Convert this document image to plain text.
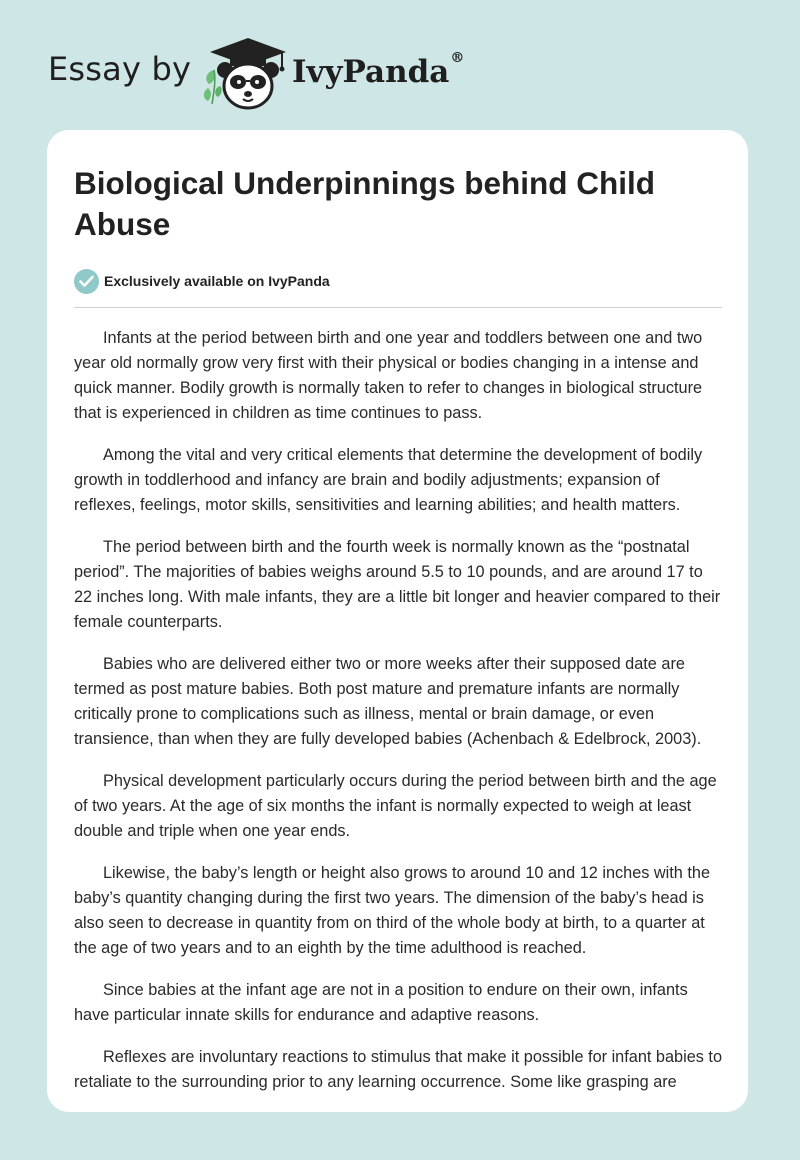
Essay by	IvyPanda®
Biological Underpinnings behind Child Abuse
Exclusively available on IvyPanda

Infants at the period between birth and one year and toddlers between one and two year old normally grow very first with their physical or bodies changing in a intense and quick manner. Bodily growth is normally taken to refer to changes in biological structure that is experienced in children as time continues to pass.

Among the vital and very critical elements that determine the development of bodily growth in toddlerhood and infancy are brain and bodily adjustments; expansion of reflexes, feelings, motor skills, sensitivities and learning abilities; and health matters.

The period between birth and the fourth week is normally known as the “postnatal period”. The majorities of babies weighs around 5.5 to 10 pounds, and are around 17 to 22 inches long. With male infants, they are a little bit longer and heavier compared to their female counterparts.

Babies who are delivered either two or more weeks after their supposed date are termed as post mature babies. Both post mature and premature infants are normally critically prone to complications such as illness, mental or brain damage, or even transience, than when they are fully developed babies (Achenbach & Edelbrock, 2003).

Physical development particularly occurs during the period between birth and the age of two years. At the age of six months the infant is normally expected to weigh at least double and triple when one year ends.

Likewise, the baby’s length or height also grows to around 10 and 12 inches with the baby’s quantity changing during the first two years. The dimension of the baby’s head is also seen to decrease in quantity from on third of the whole body at birth, to a quarter at the age of two years and to an eighth by the time adulthood is reached.

Since babies at the infant age are not in a position to endure on their own, infants have particular innate skills for endurance and adaptive reasons.

Reflexes are involuntary reactions to stimulus that make it possible for infant babies to retaliate to the surrounding prior to any learning occurrence. Some like grasping are
